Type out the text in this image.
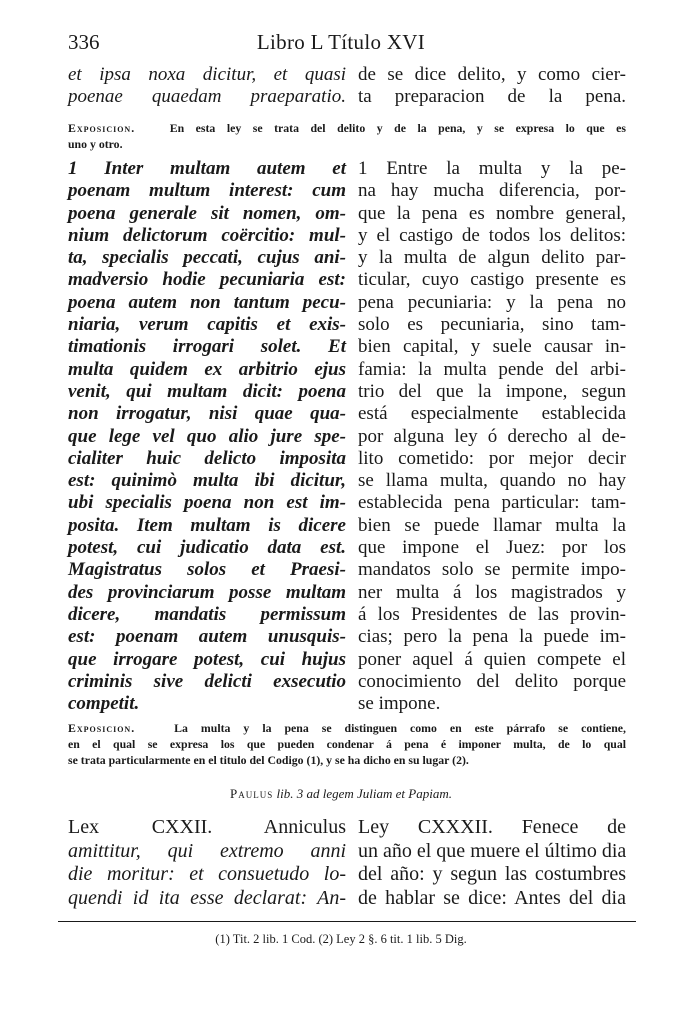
336	Libro L Título XVI
et ipsa noxa dicitur, et quasi
poenae quaedam praeparatio.
de se dice delito, y como cier-
ta preparacion de la pena.
Exposicion.	En esta ley se trata del delito y de la pena, y se expresa lo que es
uno y otro.
1 Inter multam autem et
poenam multum interest: cum
poena generale sit nomen, om-
nium delictorum coërcitio: mul-
ta, specialis peccati, cujus ani-
madversio hodie pecuniaria est:
poena autem non tantum pecu-
niaria, verum capitis et exis-
timationis irrogari solet. Et
multa quidem ex arbitrio ejus
venit, qui multam dicit: poena
non irrogatur, nisi quae qua-
que lege vel quo alio jure spe-
cialiter huic delicto imposita
est: quinimò multa ibi dicitur,
ubi specialis poena non est im-
posita. Item multam is dicere
potest, cui judicatio data est.
Magistratus solos et Praesi-
des provinciarum posse multam
dicere, mandatis permissum
est: poenam autem unusquis-
que irrogare potest, cui hujus
criminis sive delicti exsecutio
competit.
1 Entre la multa y la pe-
na hay mucha diferencia, por-
que la pena es nombre general,
y el castigo de todos los delitos:
y la multa de algun delito par-
ticular, cuyo castigo presente es
pena pecuniaria: y la pena no
solo es pecuniaria, sino tam-
bien capital, y suele causar in-
famia: la multa pende del arbi-
trio del que la impone, segun
está especialmente establecida
por alguna ley ó derecho al de-
lito cometido: por mejor decir
se llama multa, quando no hay
establecida pena particular: tam-
bien se puede llamar multa la
que impone el Juez: por los
mandatos solo se permite impo-
ner multa á los magistrados y
á los Presidentes de las provin-
cias; pero la pena la puede im-
poner aquel á quien compete el
conocimiento del delito porque
se impone.
Exposicion.	La multa y la pena se distinguen como en este párrafo se contiene,
en el qual se expresa los que pueden condenar á pena é imponer multa, de lo qual
se trata particularmente en el titulo del Codigo (1), y se ha dicho en su lugar (2).
Paulus lib. 3 ad legem Juliam et Papiam.
Lex CXXII. Anniculus
amittitur, qui extremo anni
die moritur: et consuetudo lo-
quendi id ita esse declarat: An-
Ley CXXXII. Fenece de
un año el que muere el último dia
del año: y segun las costumbres
de hablar se dice: Antes del dia
(1) Tit. 2 lib. 1 Cod. (2) Ley 2 §. 6 tit. 1 lib. 5 Dig.
